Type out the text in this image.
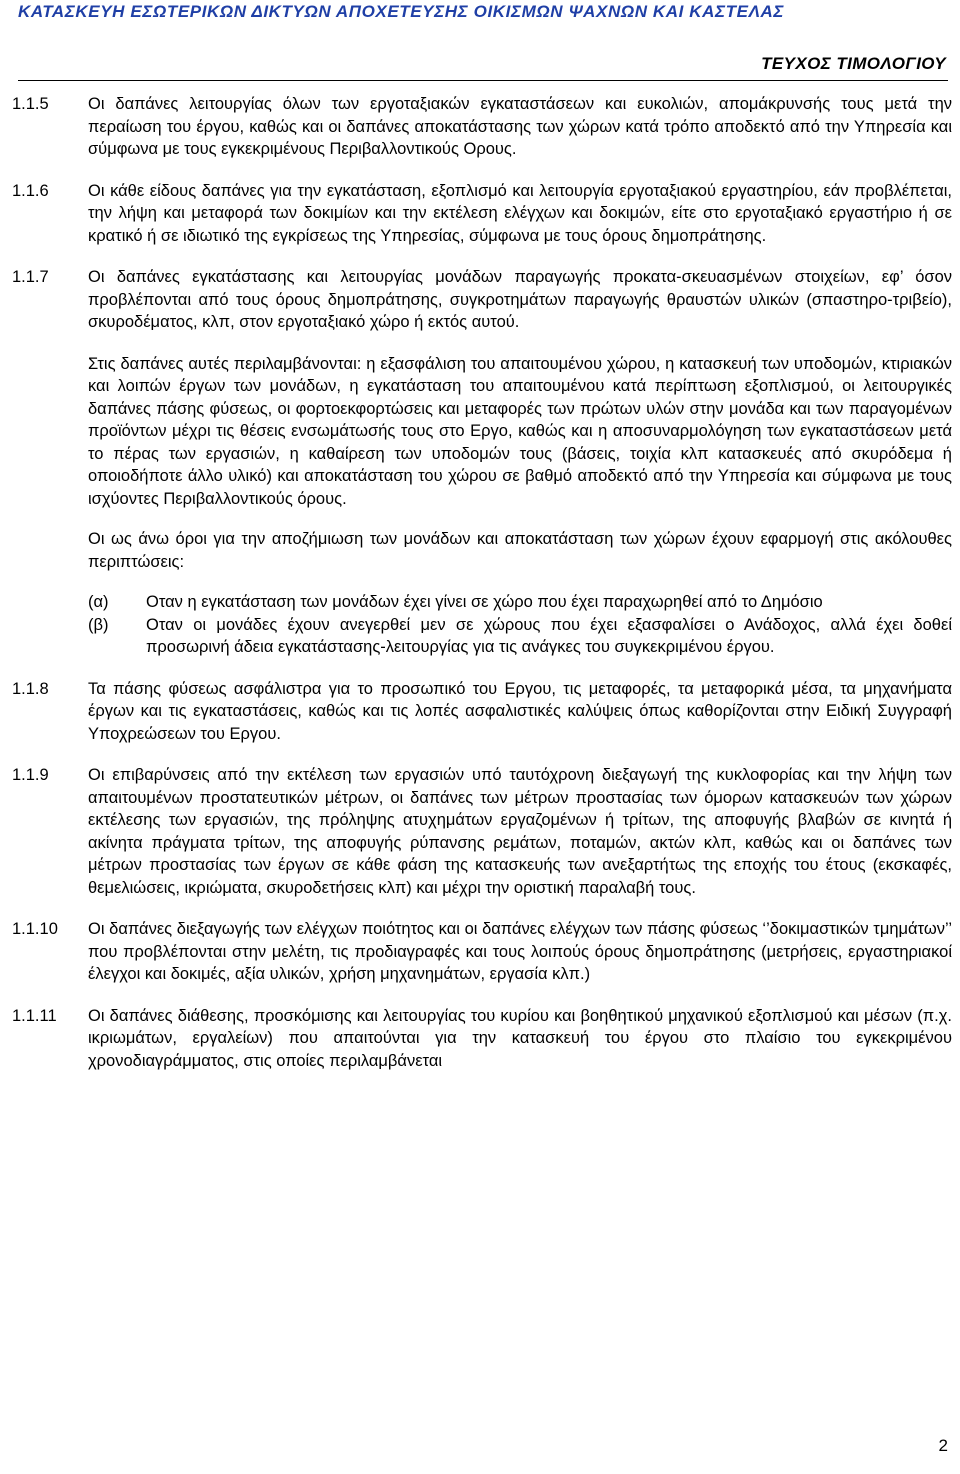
ΚΑΤΑΣΚΕΥΗ ΕΣΩΤΕΡΙΚΩΝ ΔΙΚΤΥΩΝ ΑΠΟΧΕΤΕΥΣΗΣ ΟΙΚΙΣΜΩΝ ΨΑΧΝΩΝ ΚΑΙ ΚΑΣΤΕΛΑΣ
ΤΕΥΧΟΣ ΤΙΜΟΛΟΓΙΟΥ
1.1.5	Οι δαπάνες λειτουργίας όλων των εργοταξιακών εγκαταστάσεων και ευκολιών, απομάκρυνσής τους μετά την περαίωση του έργου, καθώς και οι δαπάνες αποκατάστασης των χώρων κατά τρόπο αποδεκτό από την Υπηρεσία και σύμφωνα με τους εγκεκριμένους Περιβαλλοντικούς Ορους.
1.1.6	Οι κάθε είδους δαπάνες για την εγκατάσταση, εξοπλισμό και λειτουργία εργοταξιακού εργαστηρίου, εάν προβλέπεται, την λήψη και μεταφορά των δοκιμίων και την εκτέλεση ελέγχων και δοκιμών, είτε στο εργοταξιακό εργαστήριο ή σε κρατικό ή σε ιδιωτικό της εγκρίσεως της Υπηρεσίας, σύμφωνα με τους όρους δημοπράτησης.
1.1.7	Οι δαπάνες εγκατάστασης και λειτουργίας μονάδων παραγωγής προκατα-σκευασμένων στοιχείων, εφ’ όσον προβλέπονται από τους όρους δημοπράτησης, συγκροτημάτων παραγωγής θραυστών υλικών (σπαστηρο-τριβείο), σκυροδέματος, κλπ, στον εργοταξιακό χώρο ή εκτός αυτού.

Στις δαπάνες αυτές περιλαμβάνονται: η εξασφάλιση του απαιτουμένου χώρου, η κατασκευή των υποδομών, κτιριακών και λοιπών έργων των μονάδων, η εγκατάσταση του απαιτουμένου κατά περίπτωση εξοπλισμού, οι λειτουργικές δαπάνες πάσης φύσεως, οι φορτοεκφορτώσεις και μεταφορές των πρώτων υλών στην μονάδα και των παραγομένων προϊόντων μέχρι τις θέσεις ενσωμάτωσής τους στο Εργο, καθώς και η αποσυναρμολόγηση των εγκαταστάσεων μετά το πέρας των εργασιών, η καθαίρεση των υποδομών τους (βάσεις, τοιχία κλπ κατασκευές από σκυρόδεμα ή οποιοδήποτε άλλο υλικό) και αποκατάσταση του χώρου σε βαθμό αποδεκτό από την Υπηρεσία και σύμφωνα με τους ισχύοντες Περιβαλλοντικούς όρους.

Οι ως άνω όροι για την αποζήμιωση των μονάδων και αποκατάσταση των χώρων έχουν εφαρμογή στις ακόλουθες περιπτώσεις:

(α) Οταν η εγκατάσταση των μονάδων έχει γίνει σε χώρο που έχει παραχωρηθεί από το Δημόσιο
(β) Οταν οι μονάδες έχουν ανεγερθεί μεν σε χώρους που έχει εξασφαλίσει ο Ανάδοχος, αλλά έχει δοθεί προσωρινή άδεια εγκατάστασης-λειτουργίας για τις ανάγκες του συγκεκριμένου έργου.
1.1.8	Τα πάσης φύσεως ασφάλιστρα για το προσωπικό του Εργου, τις μεταφορές, τα μεταφορικά μέσα, τα μηχανήματα έργων και τις εγκαταστάσεις, καθώς και τις λοπές ασφαλιστικές καλύψεις όπως καθορίζονται στην Ειδική Συγγραφή Υποχρεώσεων του Εργου.
1.1.9	Οι επιβαρύνσεις από την εκτέλεση των εργασιών υπό ταυτόχρονη διεξαγωγή της κυκλοφορίας και την λήψη των απαιτουμένων προστατευτικών μέτρων, οι δαπάνες των μέτρων προστασίας των όμορων κατασκευών των χώρων εκτέλεσης των εργασιών, της πρόληψης ατυχημάτων εργαζομένων ή τρίτων, της αποφυγής βλαβών σε κινητά ή ακίνητα πράγματα τρίτων, της αποφυγής ρύπανσης ρεμάτων, ποταμών, ακτών κλπ, καθώς και οι δαπάνες των μέτρων προστασίας των έργων σε κάθε φάση της κατασκευής των ανεξαρτήτως της εποχής του έτους (εκσκαφές, θεμελιώσεις, ικριώματα, σκυροδετήσεις κλπ) και μέχρι την οριστική παραλαβή τους.
1.1.10	Οι δαπάνες διεξαγωγής των ελέγχων ποιότητος και οι δαπάνες ελέγχων των πάσης φύσεως ‘’δοκιμαστικών τμημάτων’’ που προβλέπονται στην μελέτη, τις προδιαγραφές και τους λοιπούς όρους δημοπράτησης (μετρήσεις, εργαστηριακοί έλεγχοι και δοκιμές, αξία υλικών, χρήση μηχανημάτων, εργασία κλπ.)
1.1.11	Οι δαπάνες διάθεσης, προσκόμισης και λειτουργίας του κυρίου και βοηθητικού μηχανικού εξοπλισμού και μέσων (π.χ. ικριωμάτων, εργαλείων) που απαιτούνται για την κατασκευή του έργου στο πλαίσιο του εγκεκριμένου χρονοδιαγράμματος, στις οποίες περιλαμβάνεται
2
